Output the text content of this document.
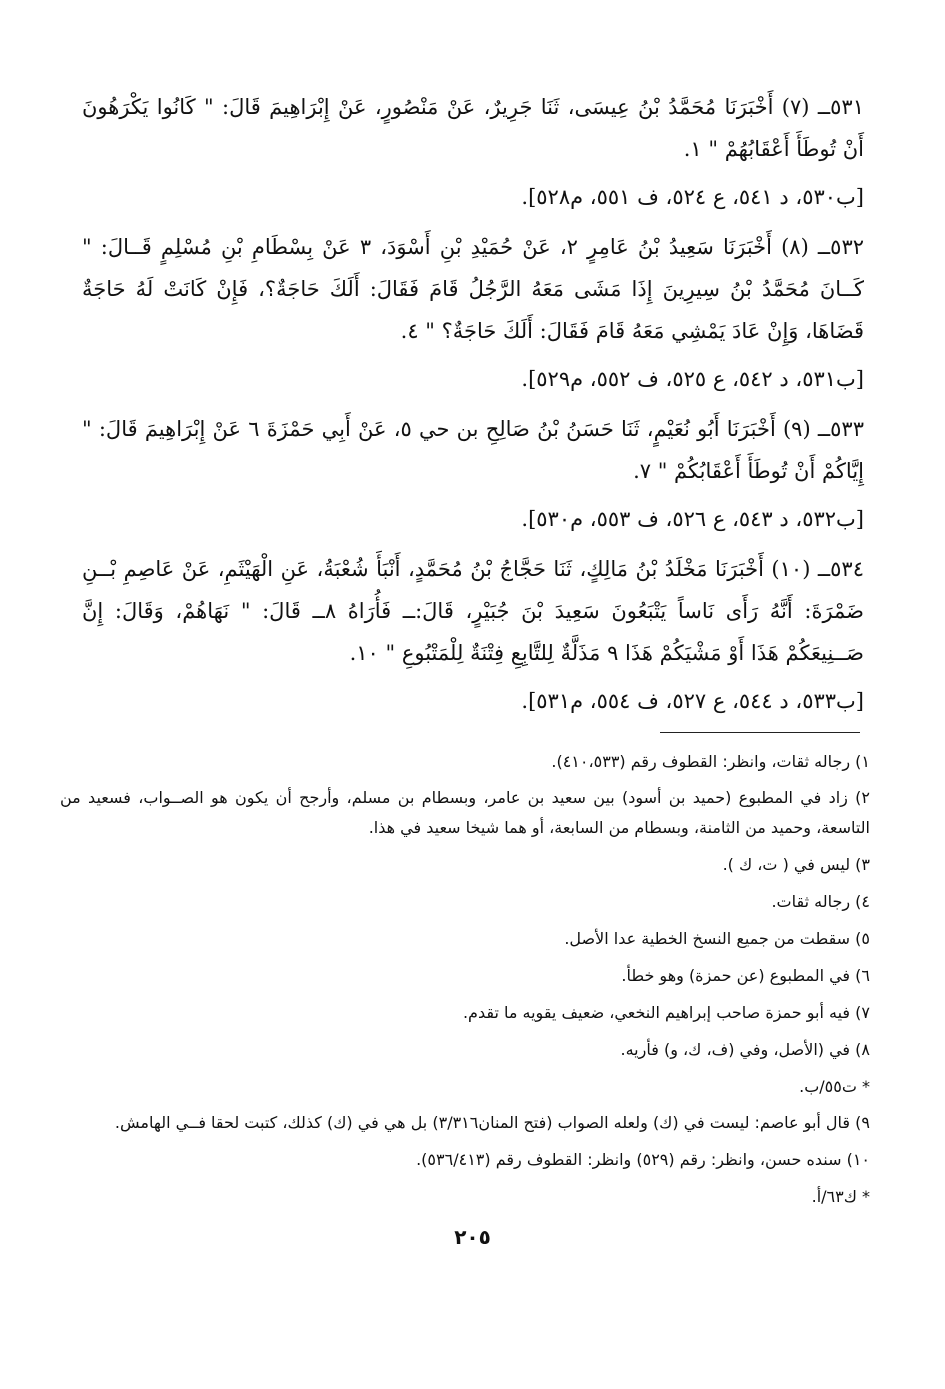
٥٣١ــ (٧) أَخْبَرَنَا مُحَمَّدُ بْنُ عِيسَى، ثَنَا جَرِيرٌ، عَنْ مَنْصُورٍ، عَنْ إِبْرَاهِيمَ قَالَ: " كَانُوا يَكْرَهُونَ أَنْ تُوطَأَ أَعْقَابُهُمْ " ١.

[ب٥٣٠، د ٥٤١، ع ٥٢٤، ف ٥٥١، م٥٢٨].

٥٣٢ــ (٨) أَخْبَرَنَا سَعِيدُ بْنُ عَامِرٍ ٢، عَنْ حُمَيْدِ بْنِ أَسْوَدَ، ٣ عَنْ بِسْطَامِ بْنِ مُسْلِمٍ قَــالَ: " كَــانَ مُحَمَّدُ بْنُ سِيرِينَ إِذَا مَشَى مَعَهُ الرَّجُلُ قَامَ فَقَالَ: أَلَكَ حَاجَةٌ؟، فَإِنْ كَانَتْ لَهُ حَاجَةٌ قَضَاهَا، وَإِنْ عَادَ يَمْشِي مَعَهُ قَامَ فَقَالَ: أَلَكَ حَاجَةٌ؟ " ٤.

[ب٥٣١، د ٥٤٢، ع ٥٢٥، ف ٥٥٢، م٥٢٩].

٥٣٣ــ (٩) أَخْبَرَنَا أَبُو نُعَيْمٍ، ثَنَا حَسَنُ بْنُ صَالِحِ بن حي ٥، عَنْ أَبِي حَمْزَةَ ٦ عَنْ إِبْرَاهِيمَ قَالَ: " إِيَّاكُمْ أَنْ تُوطَأَ أَعْقَابُكُمْ " ٧.

[ب٥٣٢، د ٥٤٣، ع ٥٢٦، ف ٥٥٣، م٥٣٠].

٥٣٤ــ (١٠) أَخْبَرَنَا مَخْلَدُ بْنُ مَالِكٍ، ثَنَا حَجَّاجُ بْنُ مُحَمَّدٍ، أَنْبَأَ شُعْبَةُ، عَنِ الْهَيْثَمِ، عَنْ عَاصِمِ بْــنِ ضَمْرَةَ: أَنَّهُ رَأَى نَاساً يَتْبَعُونَ سَعِيدَ بْنَ جُبَيْرٍ، قَالَ:ــ فَأُرَاهُ ٨ــ قَالَ: " نَهَاهُمْ، وَقَالَ: إِنَّ صَــنِيعَكُمْ هَذَا أَوْ مَشْيَكُمْ هَذَا ٩ مَذَلَّةٌ لِلتَّابِعِ فِتْنَةٌ لِلْمَتْبُوعِ " ١٠.

[ب٥٣٣، د ٥٤٤، ع ٥٢٧، ف ٥٥٤، م٥٣١].

١) رجاله ثقات، وانظر: القطوف رقم (٤١٠،٥٣٣).

٢) زاد في المطبوع (حميد بن أسود) بين سعيد بن عامر، وبسطام بن مسلم، وأرجح أن يكون هو الصــواب، فسعيد من التاسعة، وحميد من الثامنة، وبسطام من السابعة، أو هما شيخا سعيد في هذا.

٣) ليس في ( ت، ك ).

٤) رجاله ثقات.

٥) سقطت من جميع النسخ الخطية عدا الأصل.

٦) في المطبوع (عن حمزة) وهو خطأ.

٧) فيه أبو حمزة صاحب إبراهيم النخعي، ضعيف يقويه ما تقدم.

٨) في (الأصل، وفي (ف، ك، و) فأريه.

* ت٥٥/ب.

٩) قال أبو عاصم: ليست في (ك) ولعله الصواب (فتح المنان٣/٣١٦) بل هي في (ك) كذلك، كتبت لحقا فــي الهامش.

١٠) سنده حسن، وانظر: رقم (٥٢٩) وانظر: القطوف رقم (٥٣٦/٤١٣).

* ك٦٣/أ.

٢٠٥
